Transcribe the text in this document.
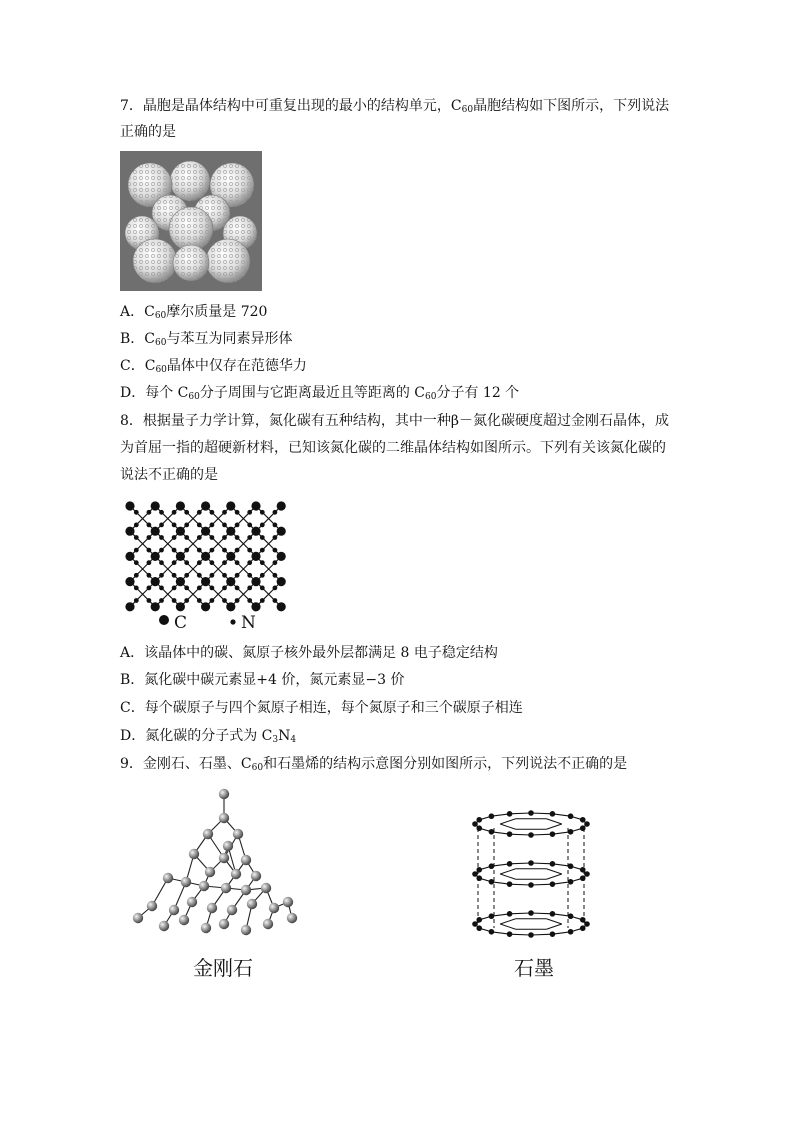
7．晶胞是晶体结构中可重复出现的最小的结构单元，$C_{60}$晶胞结构如下图所示，下列说法
正确的是
A．$C_{60}$摩尔质量是 720
B．$C_{60}$与苯互为同素异形体
C．$C_{60}$晶体中仅存在范德华力
D．每个 $C_{60}$分子周围与它距离最近且等距离的 $C_{60}$分子有 12 个
8．根据量子力学计算，氮化碳有五种结构，其中一种β－氮化碳硬度超过金刚石晶体，成
为首屈一指的超硬新材料，已知该氮化碳的二维晶体结构如图所示。下列有关该氮化碳的
说法不正确的是
C	N
A．该晶体中的碳、氮原子核外最外层都满足 8 电子稳定结构
B．氮化碳中碳元素显+4 价，氮元素显−3 价
C．每个碳原子与四个氮原子相连，每个氮原子和三个碳原子相连
D．氮化碳的分子式为 $C_3N_4$
9．金刚石、石墨、$C_{60}$和石墨烯的结构示意图分别如图所示，下列说法不正确的是
金刚石	石墨
